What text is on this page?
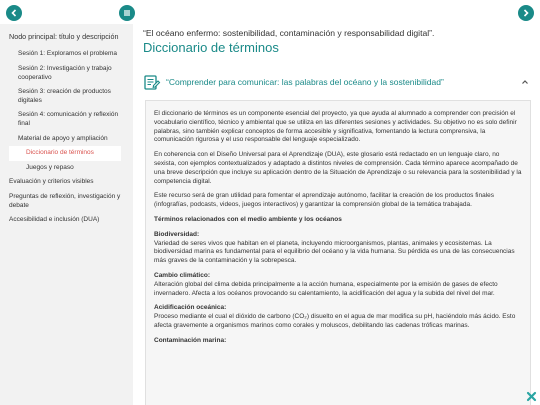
Nodo principal: título y descripción
Sesión 1: Exploramos el problema
Sesión 2: Investigación y trabajo cooperativo
Sesión 3: creación de productos digitales
Sesión 4: comunicación y reflexión final
Material de apoyo y ampliación
Diccionario de términos
Juegos y repaso
Evaluación y criterios visibles
Preguntas de reflexión, investigación y debate
Accesibilidad e inclusión (DUA)
“El océano enfermo: sostenibilidad, contaminación y responsabilidad digital”.
Diccionario de términos
“Comprender para comunicar: las palabras del océano y la sostenibilidad”

El diccionario de términos es un componente esencial del proyecto, ya que ayuda al alumnado a comprender con precisión el vocabulario científico, técnico y ambiental que se utiliza en las diferentes sesiones y actividades. Su objetivo no es solo definir palabras, sino también explicar conceptos de forma accesible y significativa, fomentando la lectura comprensiva, la comunicación rigurosa y el uso responsable del lenguaje especializado.

En coherencia con el Diseño Universal para el Aprendizaje (DUA), este glosario está redactado en un lenguaje claro, no sexista, con ejemplos contextualizados y adaptado a distintos niveles de comprensión. Cada término aparece acompañado de una breve descripción que incluye su aplicación dentro de la Situación de Aprendizaje o su relevancia para la sostenibilidad y la competencia digital.

Este recurso será de gran utilidad para fomentar el aprendizaje autónomo, facilitar la creación de los productos finales (infografías, podcasts, videos, juegos interactivos) y garantizar la comprensión global de la temática trabajada.

Términos relacionados con el medio ambiente y los océanos
Biodiversidad:
Variedad de seres vivos que habitan en el planeta, incluyendo microorganismos, plantas, animales y ecosistemas. La biodiversidad marina es fundamental para el equilibrio del océano y la vida humana. Su pérdida es una de las consecuencias más graves de la contaminación y la sobrepesca.
Cambio climático:
Alteración global del clima debida principalmente a la acción humana, especialmente por la emisión de gases de efecto invernadero. Afecta a los océanos provocando su calentamiento, la acidificación del agua y la subida del nivel del mar.
Acidificación oceánica:
Proceso mediante el cual el dióxido de carbono (CO₂) disuelto en el agua de mar modifica su pH, haciéndolo más ácido. Esto afecta gravemente a organismos marinos como corales y moluscos, debilitando las cadenas tróficas marinas.
Contaminación marina:
